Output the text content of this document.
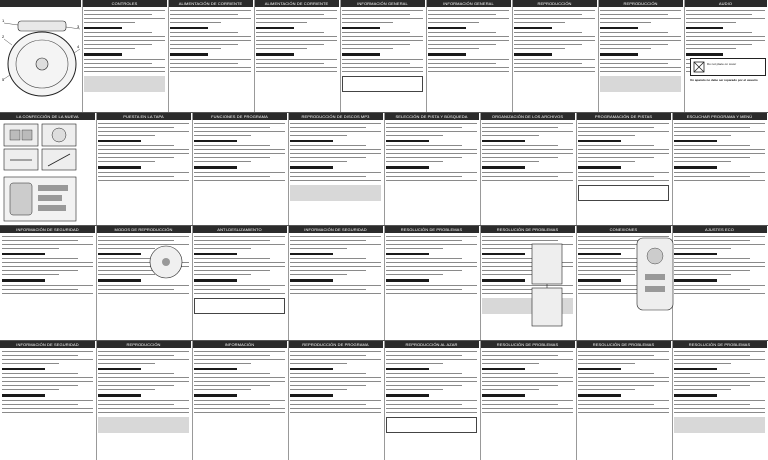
CONTROLES	ALIMENTACIÓN DE CORRIENTE	ALIMENTACIÓN DE CORRIENTE	INFORMACIÓN GENERAL	INFORMACIÓN GENERAL	REPRODUCCIÓN	REPRODUCCIÓN	AUDIO
LA CONFECCIÓN DE LA NUEVA	PUESTA EN LA TAPA	FUNCIONES DE PROGRAMA	REPRODUCCIÓN DE DISCOS MP3	SELECCIÓN DE PISTA Y BÚSQUEDA	ORGANIZACIÓN DE LOS ARCHIVOS	PROGRAMACIÓN DE PISTAS	ESCUCHAR PROGRAMA Y MENÚ
INFORMACIÓN DE SEGURIDAD	MODOS DE REPRODUCCIÓN	ANTI-DESLIZAMIENTO	INFORMACIÓN DE SEGURIDAD	RESOLUCIÓN DE PROBLEMAS	RESOLUCIÓN DE PROBLEMAS	CONEXIONES	AJUSTES ECO
INFORMACIÓN DE SEGURIDAD	REPRODUCCIÓN	INFORMACIÓN	REPRODUCCIÓN DE PROGRAMA	REPRODUCCIÓN AL AZAR	RESOLUCIÓN DE PROBLEMAS	RESOLUCIÓN DE PROBLEMAS	RESOLUCIÓN DE PROBLEMAS
1
2
3
4
5
Do not place on cover
Un aparato no debe ser reparado por el usuario
